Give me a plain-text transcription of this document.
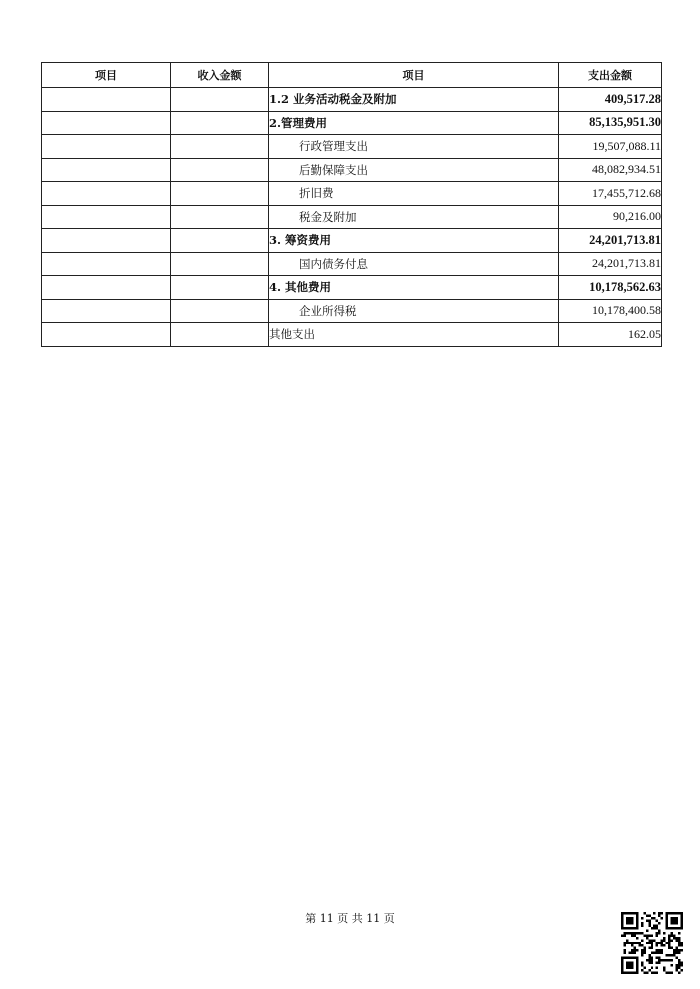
项目	收入金额	项目	支出金额
		1.2 业务活动税金及附加	409,517.28
		2.管理费用	85,135,951.30
		行政管理支出	19,507,088.11
		后勤保障支出	48,082,934.51
		折旧费	17,455,712.68
		税金及附加	90,216.00
		3. 筹资费用	24,201,713.81
		国内债务付息	24,201,713.81
		4. 其他费用	10,178,562.63
		企业所得税	10,178,400.58
		其他支出	162.05
第 11 页 共 11 页
